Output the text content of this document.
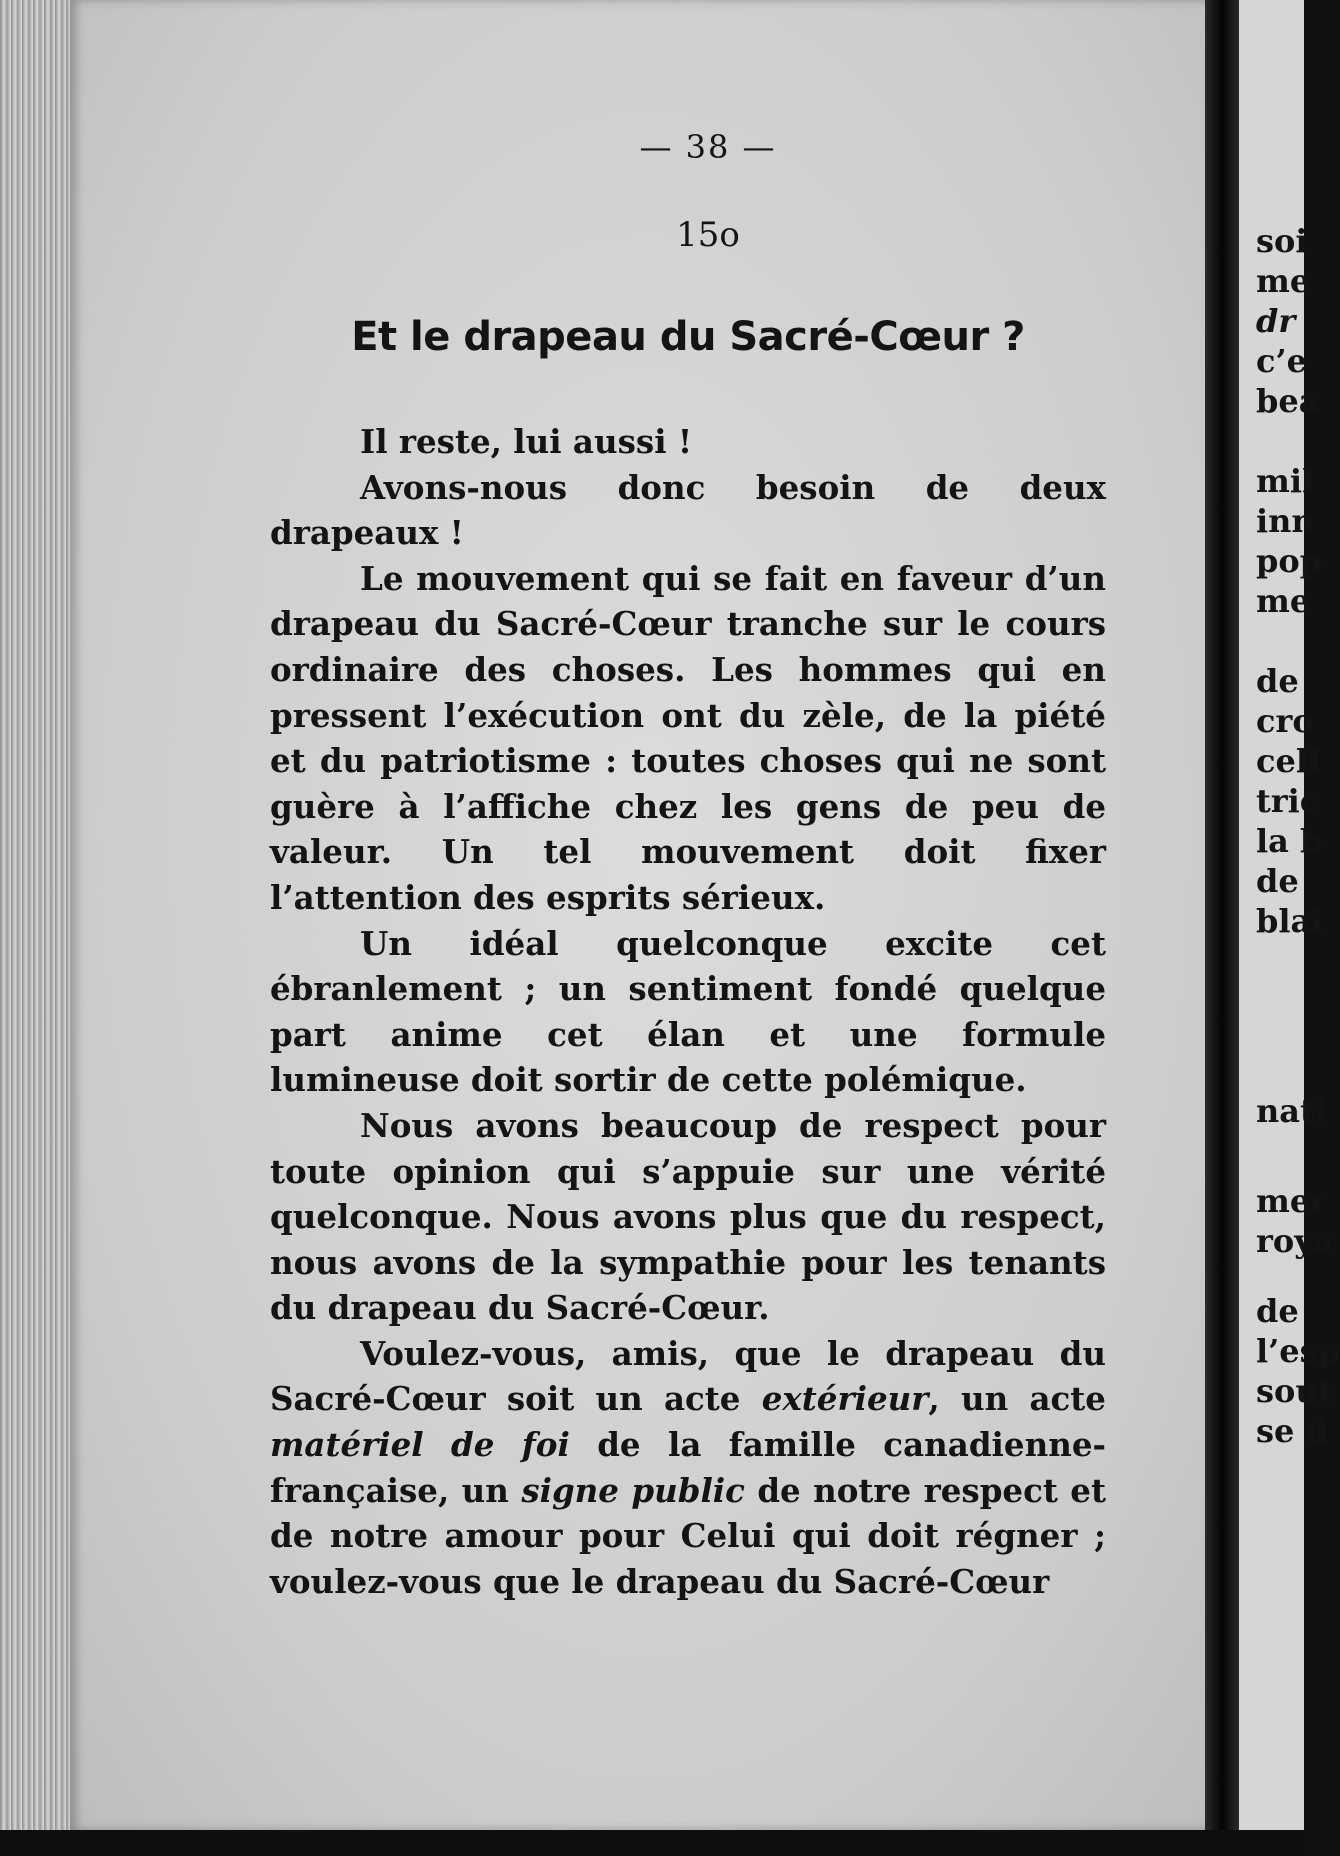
— 38 —
15o
Et le drapeau du Sacré-Cœur ?

Il reste, lui aussi !

Avons-nous donc besoin de deux drapeaux !

Le mouvement qui se fait en faveur d’un drapeau du Sacré-Cœur tranche sur le cours ordinaire des choses. Les hommes qui en pressent l’exécution ont du zèle, de la piété et du patriotisme : toutes choses qui ne sont guère à l’affiche chez les gens de peu de valeur. Un tel mouvement doit fixer l’attention des esprits sérieux.

Un idéal quelconque excite cet ébranlement ; un sentiment fondé quelque part anime cet élan et une formule lumineuse doit sortir de cette polémique.

Nous avons beaucoup de respect pour toute opinion qui s’appuie sur une vérité quelconque. Nous avons plus que du respect, nous avons de la sympathie pour les tenants du drapeau du Sacré-Cœur.

Voulez-vous, amis, que le drapeau du Sacré-Cœur soit un acte extérieur, un acte matériel de foi de la famille canadienne-française, un signe public de notre respect et de notre amour pour Celui qui doit régner ; voulez-vous que le drapeau du Sacré-Cœur

soi
me
dr
c’e
bea
mil
inn
pop
me
de
cro
cell
tric
la b
de
blai
nati
mer
roya
de
l’esp
sout
se d
